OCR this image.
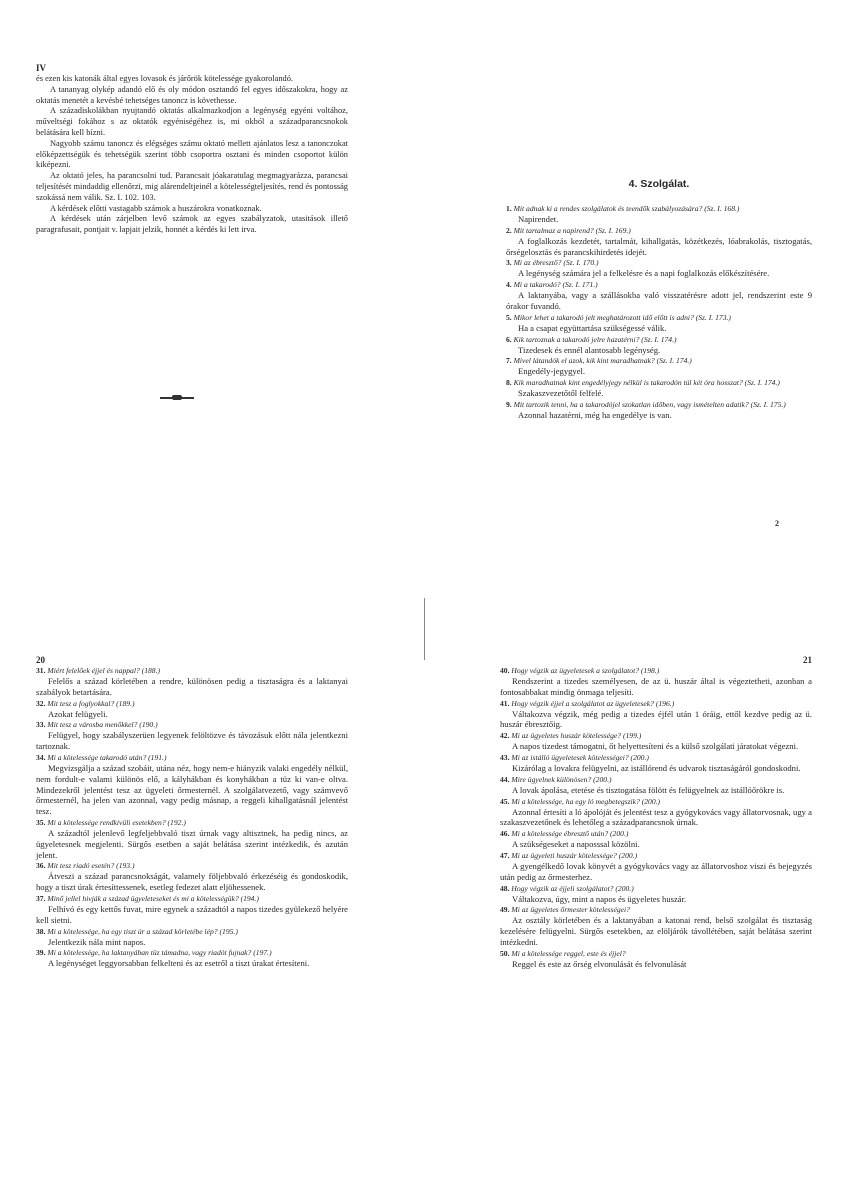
IV

és ezen kis katonák által egyes lovasok és járőrök kötelessége gyakorolandó.

A tananyag olykép adandó elő és oly módon osztandó fel egyes időszakokra, hogy az oktatás menetét a kevésbé tehetséges tanoncz is követhesse.

A századiskolákban nyujtandó oktatás alkalmazkodjon a legénység egyéni voltához, műveltségi fokához s az oktatók egyéniségéhez is, mi okból a századparancsnokok belátására kell bízni.

Nagyobb számu tanoncz és elégséges számu oktató mellett ajánlatos lesz a tanonczokat előképzettségük és tehetségük szerint több csoportra osztani és minden csoportot külön kiképezni.

Az oktató jeles, ha parancsolni tud. Parancsait jóakaratulag megmagyarázza, parancsai teljesítését mindaddig ellenőrzi, mig alárendeltjeinél a kötelességteljesítés, rend és pontosság szokássá nem válik. Sz. I. 102. 103.

A kérdések előtti vastagabb számok a huszárokra vonatkoznak.

A kérdések után zárjelben levő számok az egyes szabályzatok, utasitások illető paragrafusait, pontjait v. lapjait jelzik, honnét a kérdés ki lett irva.

4. Szolgálat.

1. Mit adnak ki a rendes szolgálatok és teendők szabályozására? (Sz. I. 168.)

Napirendet.

2. Mit tartalmaz a napirend? (Sz. I. 169.)

A foglalkozás kezdetét, tartalmát, kihallgatás, közétkezés, lóabrakolás, tisztogatás, őrségelosztás és parancskihirdetés idejét.

3. Mi az ébresztő? (Sz. I. 170.)

A legénység számára jel a felkelésre és a napi foglalkozás előkészítésére.

4. Mi a takarodó? (Sz. I. 171.)

A laktanyába, vagy a szállásokba való visszatérésre adott jel, rendszerint este 9 órakor fuvandó.

5. Mikor lehet a takarodó jelt meghatározott idő előtt is adni? (Sz. I. 173.)

Ha a csapat együttartása szükségessé válik.

6. Kik tartoznak a takarodó jelre hazatérni? (Sz. I. 174.)

Tizedesek és ennél alantosabb legénység.

7. Mivel látandók el azok, kik kint maradhatnak? (Sz. I. 174.)

Engedély-jegygyel.

8. Kik maradhatnak kint engedélyjegy nélkül is takarodón túl két óra hosszat? (Sz. I. 174.)

Szakaszvezetőtől felfelé.

9. Mit tartozik tenni, ha a takarodójel szokatlan időben, vagy ismételten adatik? (Sz. I. 175.)

Azonnal hazatérni, még ha engedélye is van.

2
20

31. Miért felelőek éjjel és nappal? (188.)

Felelős a század körletében a rendre, különösen pedig a tisztaságra és a laktanyai szabályok betartására.

32. Mit tesz a foglyokkal? (189.)

Azokat felügyeli.

33. Mit tesz a városba menőkkel? (190.)

Felügyel, hogy szabályszerüen legyenek felöltözve és távozásuk előtt nála jelentkezni tartoznak.

34. Mi a kötelessége takarodó után? (191.)

Megvizsgálja a század szobáit, utána néz, hogy nem-e hiányzik valaki engedély nélkül, nem fordult-e valami különös elő, a kályhákban és konyhákban a tüz ki van-e oltva. Mindezekről jelentést tesz az ügyeleti őrmesternél. A szolgálatvezető, vagy számvevő őrmesternél, ha jelen van azonnal, vagy pedig másnap, a reggeli kihallgatásnál jelentést tesz.

35. Mi a kötelessége rendkivüli esetekben? (192.)

A századtól jelenlevő legfeljebbvaló tiszt úrnak vagy altisztnek, ha pedig nincs, az ügyeletesnek megjelenti. Sürgős esetben a saját belátása szerint intézkedik, és azután jelent.

36. Mit tesz riadó esetén? (193.)

Átveszi a század parancsnokságát, valamely följebbvaló érkezéséig és gondoskodik, hogy a tiszt úrak értesíttessenek, esetleg fedezet alatt eljöhessenek.

37. Minő jellel hivják a század ügyeleteseket és mi a kötelességük? (194.)

Felhívó és egy kettős fuvat, mire egynek a századtól a napos tizedes gyülekező helyére kell sietni.

38. Mi a kötelessége, ha egy tiszt úr a század körletébe lép? (195.)

Jelentkezik nála mint napos.

39. Mi a kötelessége, ha laktanyában tüz támadna, vagy riadót fujnak? (197.)

A legénységet leggyorsabban felkelteni és az esetről a tiszt úrakat értesíteni.

21

40. Hogy végzik az ügyeletesek a szolgálatot? (198.)

Rendszerint a tizedes személyesen, de az ü. huszár által is végeztetheti, azonban a fontosabbakat mindig önmaga teljesíti.

41. Hogy végzik éjjel a szolgálatot az ügyeletesek? (196.)

Váltakozva végzik, még pedig a tizedes éjfél után 1 óráig, ettől kezdve pedig az ü. huszár ébresztőig.

42. Mi az ügyeletes huszár kötelessége? (199.)

A napos tizedest támogatni, őt helyettesíteni és a külső szolgálati járatokat végezni.

43. Mi az istálló ügyeletesek kötelességei? (200.)

Kizárólag a lovakra felügyelni, az istállórend és udvarok tisztaságáról gondoskodni.

44. Mire ügyelnek különösen? (200.)

A lovak ápolása, etetése és tisztogatása fölött és felügyelnek az istállóőrökre is.

45. Mi a kötelessége, ha egy ló megbetegszik? (200.)

Azonnal értesíti a ló ápolóját és jelentést tesz a gyógykovács vagy állatorvosnak, ugy a szakaszvezetőnek és lehetőleg a századparancsnok úrnak.

46. Mi a kötelessége ébresztő után? (200.)

A szükségeseket a naposssal közölni.

47. Mi az ügyeleti huszár kötelessége? (200.)

A gyengélkedő lovak könyvét a gyógykovács vagy az állatorvoshoz viszi és bejegyzés után pedig az őrmesterhez.

48. Hogy végzik az éjjeli szolgálatot? (200.)

Váltakozva, úgy, mint a napos és ügyeletes huszár.

49. Mi az ügyeletes őrmester kötelességei?

Az osztály körletében és a laktanyában a katonai rend, belső szolgálat és tisztaság kezelésére felügyelni. Sürgős esetekben, az elöljárók távollétében, saját belátása szerint intézkedni.

50. Mi a kötelessége reggel, este és éjjel?

Reggel és este az őrség elvonulását és felvonulását
